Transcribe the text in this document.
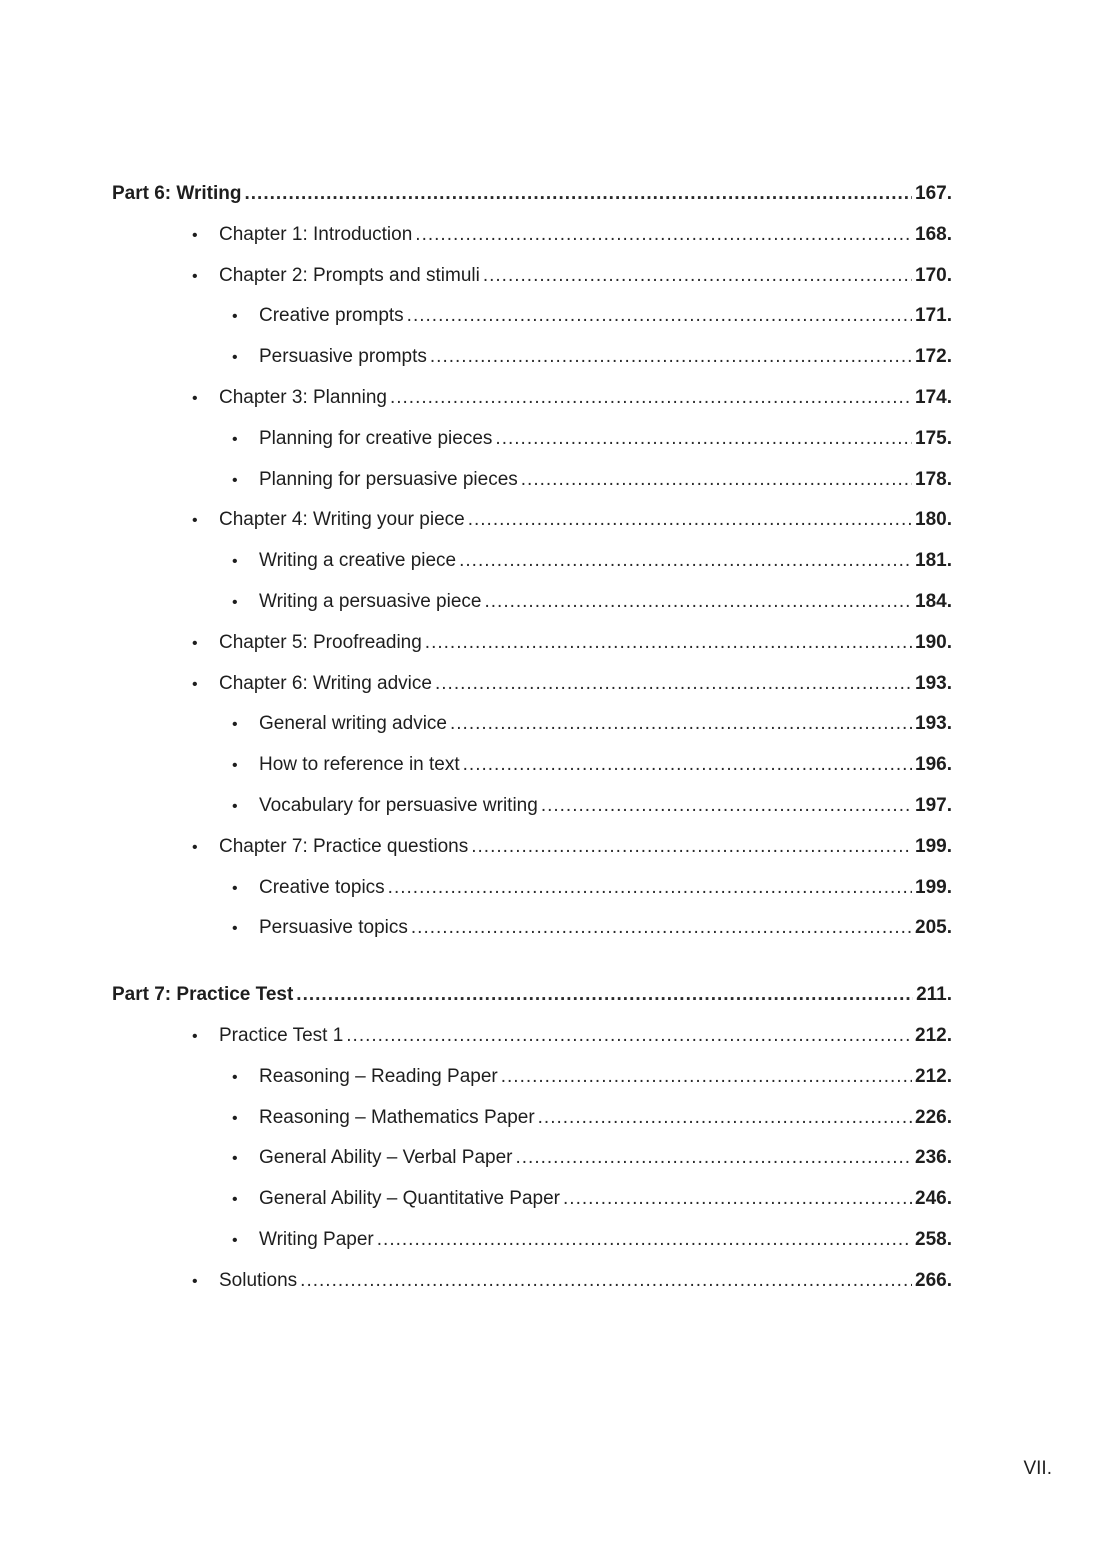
Part 6: Writing .....	167.
•	Chapter 1: Introduction .....	168.
•	Chapter 2: Prompts and stimuli .....	170.
•	Creative prompts .....	171.
•	Persuasive prompts .....	172.
•	Chapter 3: Planning .....	174.
•	Planning for creative pieces .....	175.
•	Planning for persuasive pieces .....	178.
•	Chapter 4: Writing your piece .....	180.
•	Writing a creative piece .....	181.
•	Writing a persuasive piece .....	184.
•	Chapter 5: Proofreading .....	190.
•	Chapter 6: Writing advice .....	193.
•	General writing advice .....	193.
•	How to reference in text .....	196.
•	Vocabulary for persuasive writing .....	197.
•	Chapter 7: Practice questions .....	199.
•	Creative topics .....	199.
•	Persuasive topics .....	205.
Part 7: Practice Test .....	211.
•	Practice Test 1 .....	212.
•	Reasoning – Reading Paper .....	212.
•	Reasoning – Mathematics Paper .....	226.
•	General Ability – Verbal Paper .....	236.
•	General Ability – Quantitative Paper .....	246.
•	Writing Paper .....	258.
•	Solutions .....	266.
VII.
